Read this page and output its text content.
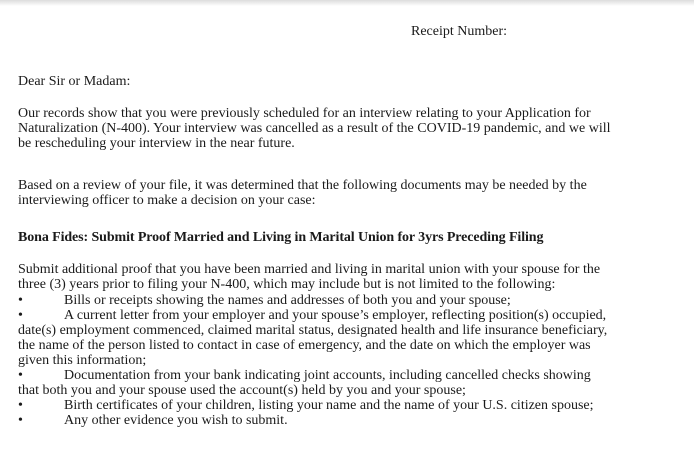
Receipt Number:
Dear Sir or Madam:

Our records show that you were previously scheduled for an interview relating to your Application for
Naturalization (N-400). Your interview was cancelled as a result of the COVID-19 pandemic, and we will
be rescheduling your interview in the near future.

Based on a review of your file, it was determined that the following documents may be needed by the
interviewing officer to make a decision on your case:

Bona Fides: Submit Proof Married and Living in Marital Union for 3yrs Preceding Filing

Submit additional proof that you have been married and living in marital union with your spouse for the
three (3) years prior to filing your N-400, which may include but is not limited to the following:

•	Bills or receipts showing the names and addresses of both you and your spouse;
•	A current letter from your employer and your spouse’s employer, reflecting position(s) occupied,
date(s) employment commenced, claimed marital status, designated health and life insurance beneficiary,
the name of the person listed to contact in case of emergency, and the date on which the employer was
given this information;
•	Documentation from your bank indicating joint accounts, including cancelled checks showing
that both you and your spouse used the account(s) held by you and your spouse;
•	Birth certificates of your children, listing your name and the name of your U.S. citizen spouse;
•	Any other evidence you wish to submit.
